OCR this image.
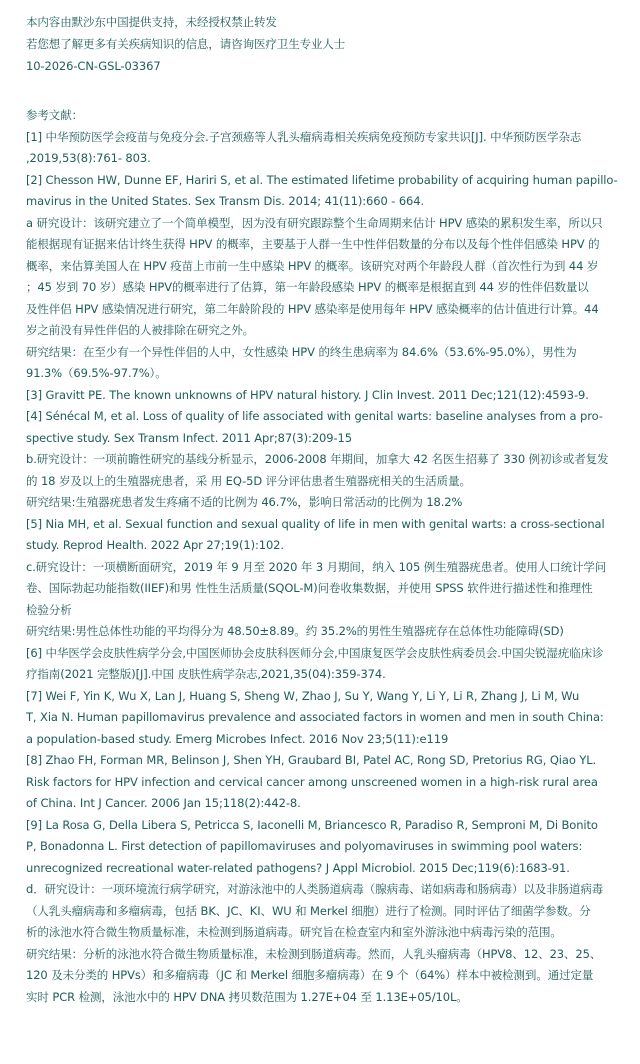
本内容由默沙东中国提供支持，未经授权禁止转发
若您想了解更多有关疾病知识的信息，请咨询医疗卫生专业人士
10-2026-CN-GSL-03367
参考文献：
[1] 中华预防医学会疫苗与免疫分会.子宫颈癌等人乳头瘤病毒相关疾病免疫预防专家共识[J]. 中华预防医学杂志
,2019,53(8):761- 803.
[2] Chesson HW, Dunne EF, Hariri S, et al. The estimated lifetime probability of acquiring human papillo-
mavirus in the United States. Sex Transm Dis. 2014; 41(11):660 - 664.
a 研究设计：该研究建立了一个简单模型，因为没有研究跟踪整个生命周期来估计 HPV 感染的累积发生率，所以只
能根据现有证据来估计终生获得 HPV 的概率，主要基于人群一生中性伴侣数量的分布以及每个性伴侣感染 HPV 的
概率，来估算美国人在 HPV 疫苗上市前一生中感染 HPV 的概率。该研究对两个年龄段人群（首次性行为到 44 岁
；45 岁到 70 岁）感染 HPV的概率进行了估算，第一年龄段感染 HPV 的概率是根据直到 44 岁的性伴侣数量以
及性伴侣 HPV 感染情况进行研究，第二年龄阶段的 HPV 感染率是使用每年 HPV 感染概率的估计值进行计算。44
岁之前没有异性伴侣的人被排除在研究之外。
研究结果：在至少有一个异性伴侣的人中，女性感染 HPV 的终生患病率为 84.6%（53.6%-95.0%），男性为
91.3%（69.5%-97.7%）。
[3] Gravitt PE. The known unknowns of HPV natural history. J Clin Invest. 2011 Dec;121(12):4593-9.
[4] Sénécal M, et al. Loss of quality of life associated with genital warts: baseline analyses from a pro-
spective study. Sex Transm Infect. 2011 Apr;87(3):209-15
b.研究设计：一项前瞻性研究的基线分析显示，2006-2008 年期间，加拿大 42 名医生招募了 330 例初诊或者复发
的 18 岁及以上的生殖器疣患者，采 用 EQ-5D 评分评估患者生殖器疣相关的生活质量。
研究结果:生殖器疣患者发生疼痛不适的比例为 46.7%，影响日常活动的比例为 18.2%
[5] Nia MH, et al. Sexual function and sexual quality of life in men with genital warts: a cross-sectional
study. Reprod Health. 2022 Apr 27;19(1):102.
c.研究设计：一项横断面研究，2019 年 9 月至 2020 年 3 月期间，纳入 105 例生殖器疣患者。使用人口统计学问
卷、国际勃起功能指数(IIEF)和男 性性生活质量(SQOL-M)问卷收集数据，并使用 SPSS 软件进行描述性和推理性
检验分析
研究结果:男性总体性功能的平均得分为 48.50±8.89。约 35.2%的男性生殖器疣存在总体性功能障碍(SD)
[6] 中华医学会皮肤性病学分会,中国医师协会皮肤科医师分会,中国康复医学会皮肤性病委员会.中国尖锐湿疣临床诊
疗指南(2021 完整版)[J].中国 皮肤性病学杂志,2021,35(04):359-374.
[7] Wei F, Yin K, Wu X, Lan J, Huang S, Sheng W, Zhao J, Su Y, Wang Y, Li Y, Li R, Zhang J, Li M, Wu
T, Xia N. Human papillomavirus prevalence and associated factors in women and men in south China:
a population-based study. Emerg Microbes Infect. 2016 Nov 23;5(11):e119
[8] Zhao FH, Forman MR, Belinson J, Shen YH, Graubard BI, Patel AC, Rong SD, Pretorius RG, Qiao YL.
Risk factors for HPV infection and cervical cancer among unscreened women in a high-risk rural area
of China. Int J Cancer. 2006 Jan 15;118(2):442-8.
[9] La Rosa G, Della Libera S, Petricca S, Iaconelli M, Briancesco R, Paradiso R, Semproni M, Di Bonito
P, Bonadonna L. First detection of papillomaviruses and polyomaviruses in swimming pool waters:
unrecognized recreational water-related pathogens? J Appl Microbiol. 2015 Dec;119(6):1683-91.
d．研究设计：一项环境流行病学研究，对游泳池中的人类肠道病毒（腺病毒、诺如病毒和肠病毒）以及非肠道病毒
（人乳头瘤病毒和多瘤病毒，包括 BK、JC、KI、WU 和 Merkel 细胞）进行了检测。同时评估了细菌学参数。分
析的泳池水符合微生物质量标准，未检测到肠道病毒。研究旨在检查室内和室外游泳池中病毒污染的范围。
研究结果：分析的泳池水符合微生物质量标准，未检测到肠道病毒。然而，人乳头瘤病毒（HPV8、12、23、25、
120 及未分类的 HPVs）和多瘤病毒（JC 和 Merkel 细胞多瘤病毒）在 9 个（64%）样本中被检测到。通过定量
实时 PCR 检测，泳池水中的 HPV DNA 拷贝数范围为 1.27E+04 至 1.13E+05/10L。
